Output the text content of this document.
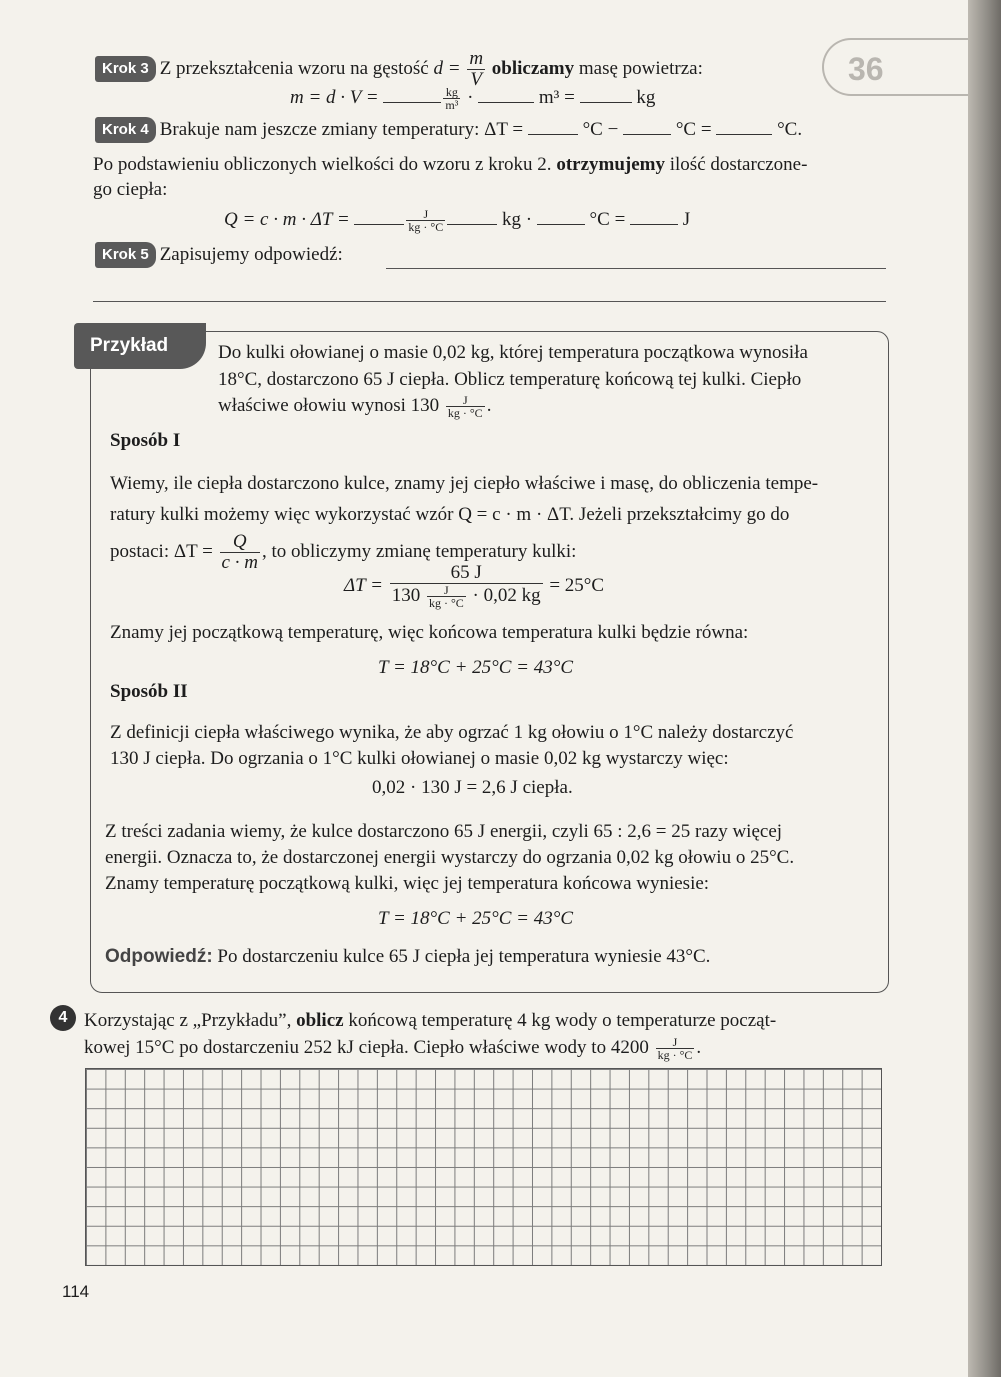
36
Krok 3 Z przekształcenia wzoru na gęstość $d = \frac{m}{V}$ obliczamy masę powietrza:
m = d · V =	$\frac{kg}{\text{m³}}$ ·	m³ =	kg
Krok 4 Brakuje nam jeszcze zmiany temperatury: ΔT =	°C −	°C =	°C.
Po podstawieniu obliczonych wielkości do wzoru z kroku 2. otrzymujemy ilość dostarczone-
go ciepła:
Q = c · m · ΔT =	$\frac{J}{kg \cdot ^\circ C}$	kg ·	°C =	J
Krok 5 Zapisujemy odpowiedź:
Przykład	Do kulki ołowianej o masie 0,02 kg, której temperatura początkowa wynosiła
18°C, dostarczono 65 J ciepła. Oblicz temperaturę końcową tej kulki. Ciepło
właściwe ołowiu wynosi $130 \frac{J}{kg \cdot ^\circ C}$ .
Sposób I
Wiemy, ile ciepła dostarczono kulce, znamy jej ciepło właściwe i masę, do obliczenia tempe-
ratury kulki możemy więc wykorzystać wzór Q = c · m · ΔT. Jeżeli przekształcimy go do
postaci: $\Delta T = \frac{Q}{c \cdot m}$ , to obliczymy zmianę temperatury kulki:
$\Delta T = \frac{65 J}{130 \frac{J}{kg \cdot ^\circ C} \cdot 0,02 kg} = 25^\circ C$
Znamy jej początkową temperaturę, więc końcowa temperatura kulki będzie równa:
T = 18°C + 25°C = 43°C
Sposób II
Z definicji ciepła właściwego wynika, że aby ogrzać 1 kg ołowiu o 1°C należy dostarczyć
130 J ciepła. Do ogrzania o 1°C kulki ołowianej o masie 0,02 kg wystarczy więc:
0,02 · 130 J = 2,6 J ciepła.
Z treści zadania wiemy, że kulce dostarczono 65 J energii, czyli 65 : 2,6 = 25 razy więcej
energii. Oznacza to, że dostarczonej energii wystarczy do ogrzania 0,02 kg ołowiu o 25°C.
Znamy temperaturę początkową kulki, więc jej temperatura końcowa wyniesie:
T = 18°C + 25°C = 43°C
Odpowiedź: Po dostarczeniu kulce 65 J ciepła jej temperatura wyniesie 43°C.
4 Korzystając z „Przykładu”, oblicz końcową temperaturę 4 kg wody o temperaturze począt-
kowej 15°C po dostarczeniu 252 kJ ciepła. Ciepło właściwe wody to $4200 \frac{J}{kg \cdot ^\circ C}$ .
114
